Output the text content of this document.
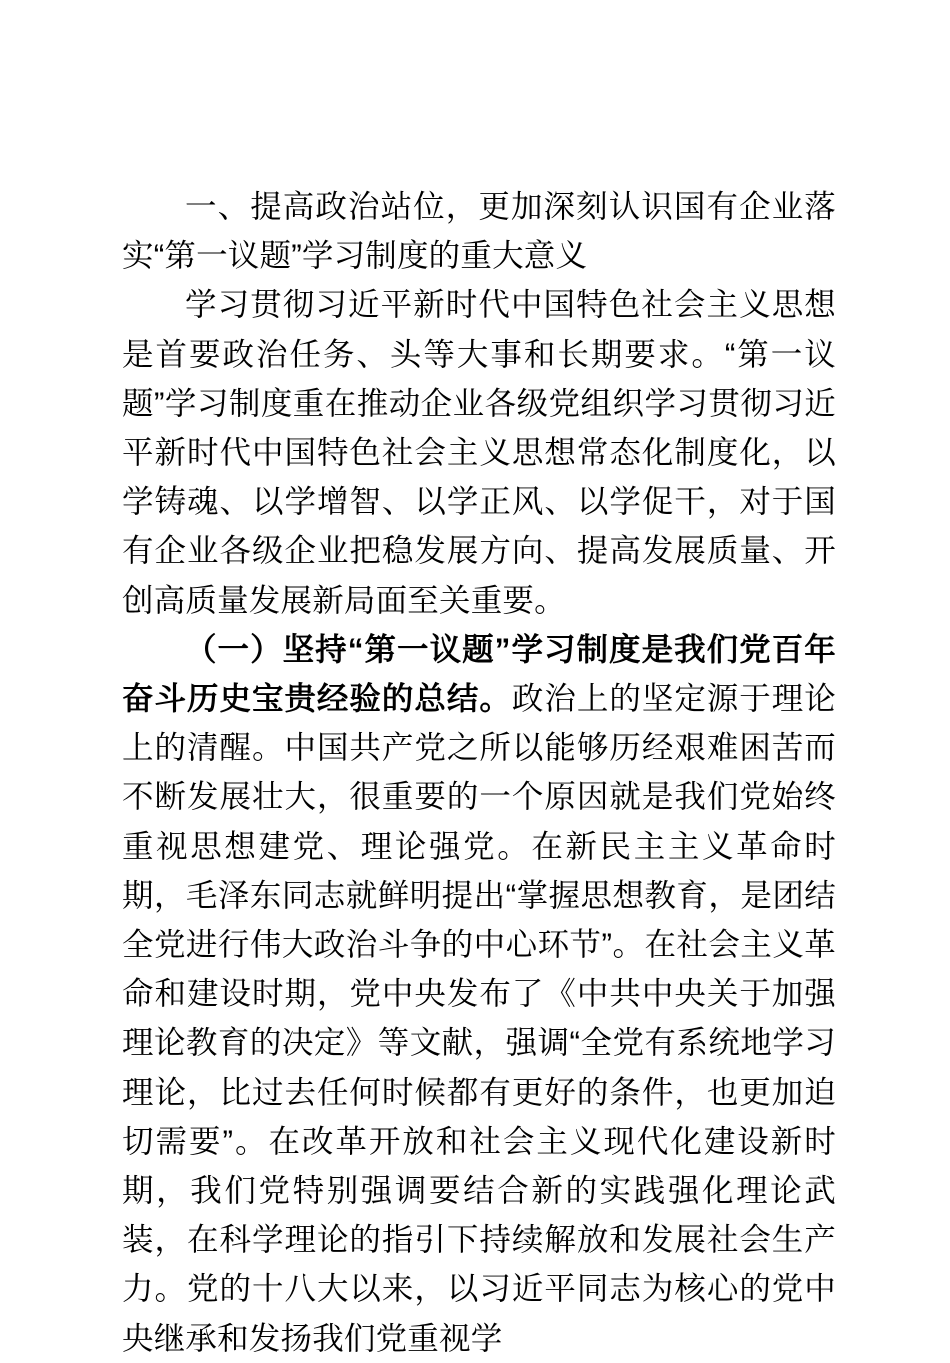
一、提高政治站位，更加深刻认识国有企业落实“第一议题”学习制度的重大意义

学习贯彻习近平新时代中国特色社会主义思想是首要政治任务、头等大事和长期要求。“第一议题”学习制度重在推动企业各级党组织学习贯彻习近平新时代中国特色社会主义思想常态化制度化，以学铸魂、以学增智、以学正风、以学促干，对于国有企业各级企业把稳发展方向、提高发展质量、开创高质量发展新局面至关重要。

（一）坚持“第一议题”学习制度是我们党百年奋斗历史宝贵经验的总结。政治上的坚定源于理论上的清醒。中国共产党之所以能够历经艰难困苦而不断发展壮大，很重要的一个原因就是我们党始终重视思想建党、理论强党。在新民主主义革命时期，毛泽东同志就鲜明提出“掌握思想教育，是团结全党进行伟大政治斗争的中心环节”。在社会主义革命和建设时期，党中央发布了《中共中央关于加强理论教育的决定》等文献，强调“全党有系统地学习理论，比过去任何时候都有更好的条件，也更加迫切需要”。在改革开放和社会主义现代化建设新时期，我们党特别强调要结合新的实践强化理论武装，在科学理论的指引下持续解放和发展社会生产力。党的十八大以来，以习近平同志为核心的党中央继承和发扬我们党重视学
